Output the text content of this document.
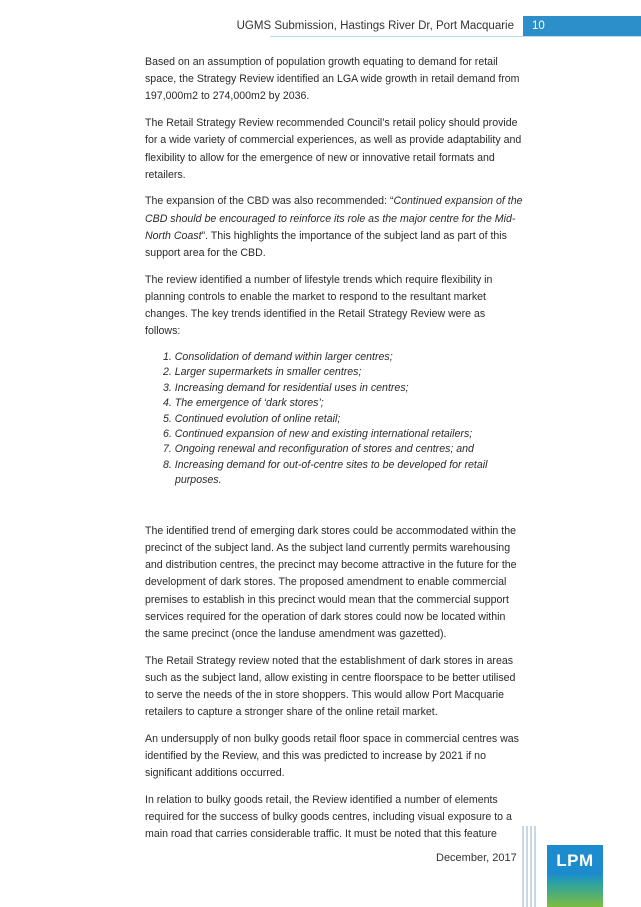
UGMS Submission, Hastings River Dr, Port Macquarie	10

Based on an assumption of population growth equating to demand for retail space, the Strategy Review identified an LGA wide growth in retail demand from 197,000m2 to 274,000m2 by 2036.

The Retail Strategy Review recommended Council’s retail policy should provide for a wide variety of commercial experiences, as well as provide adaptability and flexibility to allow for the emergence of new or innovative retail formats and retailers.

The expansion of the CBD was also recommended: “Continued expansion of the CBD should be encouraged to reinforce its role as the major centre for the Mid-North Coast”. This highlights the importance of the subject land as part of this support area for the CBD.

The review identified a number of lifestyle trends which require flexibility in planning controls to enable the market to respond to the resultant market changes. The key trends identified in the Retail Strategy Review were as follows:

1. Consolidation of demand within larger centres;
2. Larger supermarkets in smaller centres;
3. Increasing demand for residential uses in centres;
4. The emergence of ‘dark stores’;
5. Continued evolution of online retail;
6. Continued expansion of new and existing international retailers;
7. Ongoing renewal and reconfiguration of stores and centres; and
8. Increasing demand for out-of-centre sites to be developed for retail
purposes.

The identified trend of emerging dark stores could be accommodated within the precinct of the subject land. As the subject land currently permits warehousing and distribution centres, the precinct may become attractive in the future for the development of dark stores. The proposed amendment to enable commercial premises to establish in this precinct would mean that the commercial support services required for the operation of dark stores could now be located within the same precinct (once the landuse amendment was gazetted).

The Retail Strategy review noted that the establishment of dark stores in areas such as the subject land, allow existing in centre floorspace to be better utilised to serve the needs of the in store shoppers. This would allow Port Macquarie retailers to capture a stronger share of the online retail market.

An undersupply of non bulky goods retail floor space in commercial centres was identified by the Review, and this was predicted to increase by 2021 if no significant additions occurred.

In relation to bulky goods retail, the Review identified a number of elements required for the success of bulky goods centres, including visual exposure to a main road that carries considerable traffic. It must be noted that this feature

December, 2017 LPM
